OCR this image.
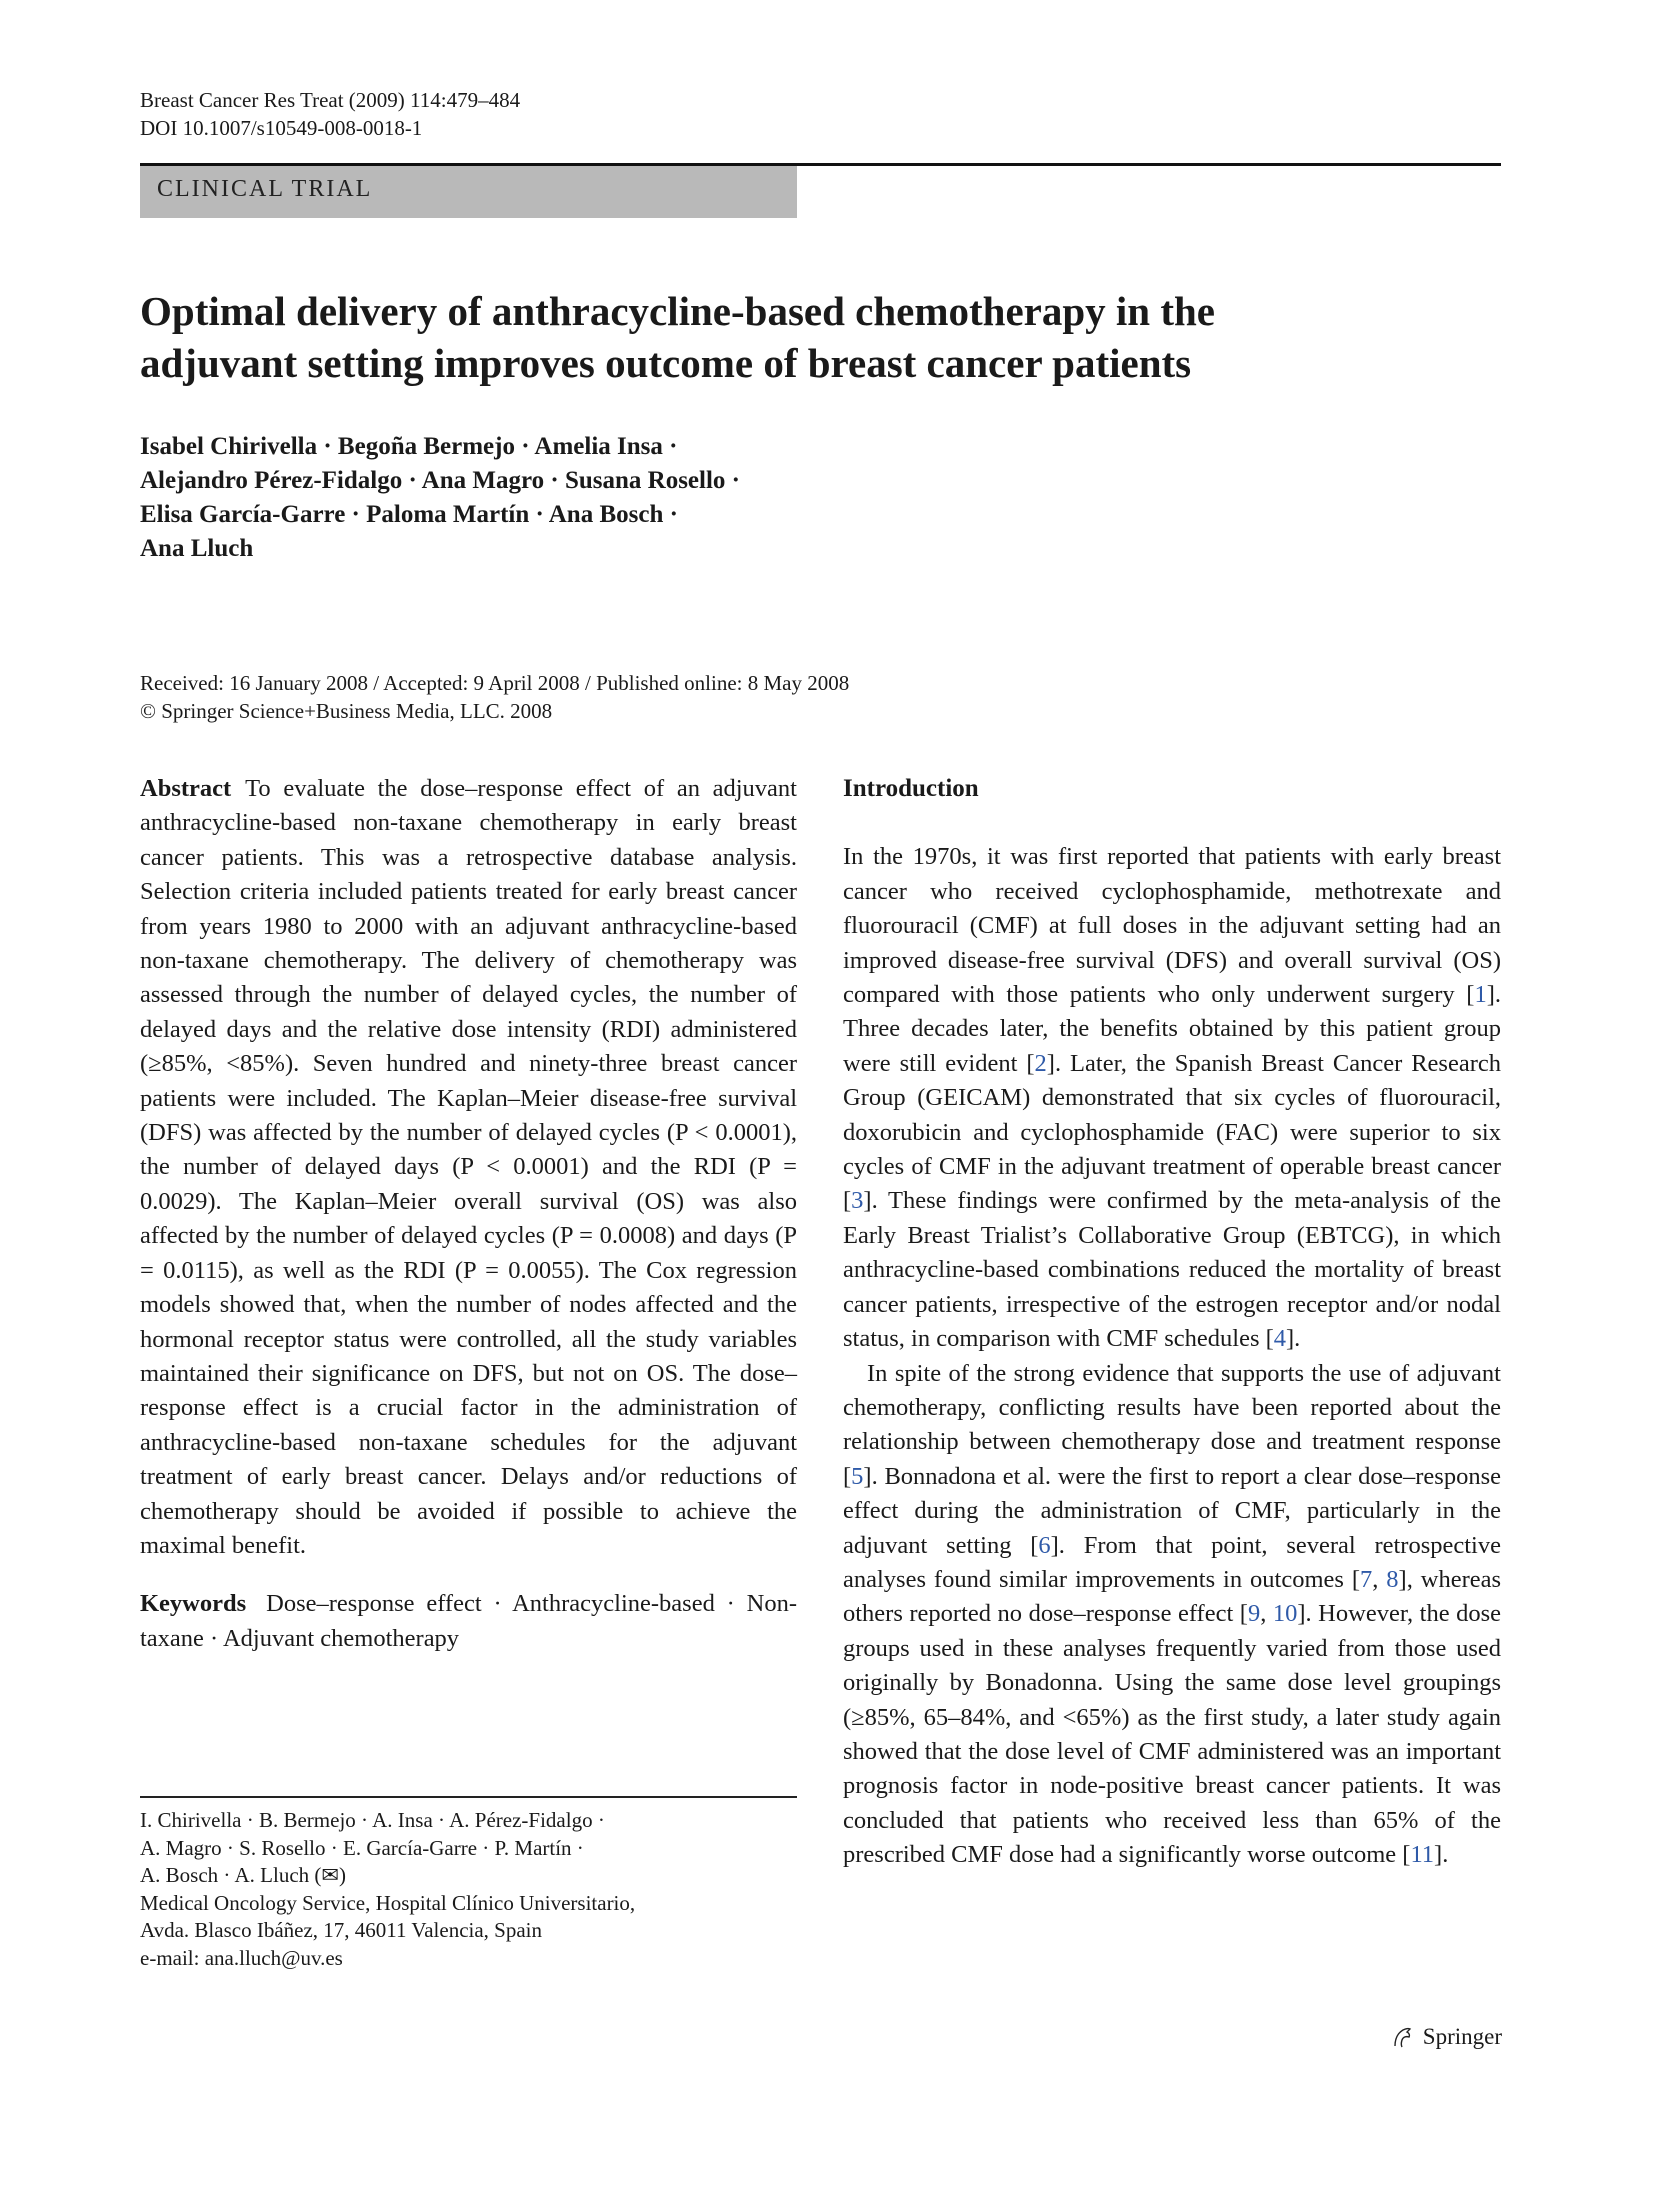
Breast Cancer Res Treat (2009) 114:479–484
DOI 10.1007/s10549-008-0018-1
CLINICAL TRIAL
Optimal delivery of anthracycline-based chemotherapy in the adjuvant setting improves outcome of breast cancer patients
Isabel Chirivella · Begoña Bermejo · Amelia Insa ·
Alejandro Pérez-Fidalgo · Ana Magro · Susana Rosello ·
Elisa García-Garre · Paloma Martín · Ana Bosch ·
Ana Lluch
Received: 16 January 2008 / Accepted: 9 April 2008 / Published online: 8 May 2008
© Springer Science+Business Media, LLC. 2008
Abstract To evaluate the dose–response effect of an adjuvant anthracycline-based non-taxane chemotherapy in early breast cancer patients. This was a retrospective database analysis. Selection criteria included patients treated for early breast cancer from years 1980 to 2000 with an adjuvant anthracycline-based non-taxane chemotherapy. The delivery of chemotherapy was assessed through the number of delayed cycles, the number of delayed days and the relative dose intensity (RDI) administered (≥85%, <85%). Seven hundred and ninety-three breast cancer patients were included. The Kaplan–Meier disease-free survival (DFS) was affected by the number of delayed cycles (P < 0.0001), the number of delayed days (P < 0.0001) and the RDI (P = 0.0029). The Kaplan–Meier overall survival (OS) was also affected by the number of delayed cycles (P = 0.0008) and days (P = 0.0115), as well as the RDI (P = 0.0055). The Cox regression models showed that, when the number of nodes affected and the hormonal receptor status were controlled, all the study variables maintained their significance on DFS, but not on OS. The dose–response effect is a crucial factor in the administration of anthracycline-based non-taxane schedules for the adjuvant treatment of early breast cancer. Delays and/or reductions of chemotherapy should be avoided if possible to achieve the maximal benefit.
Keywords Dose–response effect · Anthracycline-based · Non-taxane · Adjuvant chemotherapy
I. Chirivella · B. Bermejo · A. Insa · A. Pérez-Fidalgo ·
A. Magro · S. Rosello · E. García-Garre · P. Martín ·
A. Bosch · A. Lluch (✉)
Medical Oncology Service, Hospital Clínico Universitario,
Avda. Blasco Ibáñez, 17, 46011 Valencia, Spain
e-mail: ana.lluch@uv.es
Introduction
In the 1970s, it was first reported that patients with early breast cancer who received cyclophosphamide, methotrexate and fluorouracil (CMF) at full doses in the adjuvant setting had an improved disease-free survival (DFS) and overall survival (OS) compared with those patients who only underwent surgery [1]. Three decades later, the benefits obtained by this patient group were still evident [2]. Later, the Spanish Breast Cancer Research Group (GEICAM) demonstrated that six cycles of fluorouracil, doxorubicin and cyclophosphamide (FAC) were superior to six cycles of CMF in the adjuvant treatment of operable breast cancer [3]. These findings were confirmed by the meta-analysis of the Early Breast Trialist’s Collaborative Group (EBTCG), in which anthracycline-based combinations reduced the mortality of breast cancer patients, irrespective of the estrogen receptor and/or nodal status, in comparison with CMF schedules [4].
In spite of the strong evidence that supports the use of adjuvant chemotherapy, conflicting results have been reported about the relationship between chemotherapy dose and treatment response [5]. Bonnadona et al. were the first to report a clear dose–response effect during the administration of CMF, particularly in the adjuvant setting [6]. From that point, several retrospective analyses found similar improvements in outcomes [7, 8], whereas others reported no dose–response effect [9, 10]. However, the dose groups used in these analyses frequently varied from those used originally by Bonadonna. Using the same dose level groupings (≥85%, 65–84%, and <65%) as the first study, a later study again showed that the dose level of CMF administered was an important prognosis factor in node-positive breast cancer patients. It was concluded that patients who received less than 65% of the prescribed CMF dose had a significantly worse outcome [11].
Springer
